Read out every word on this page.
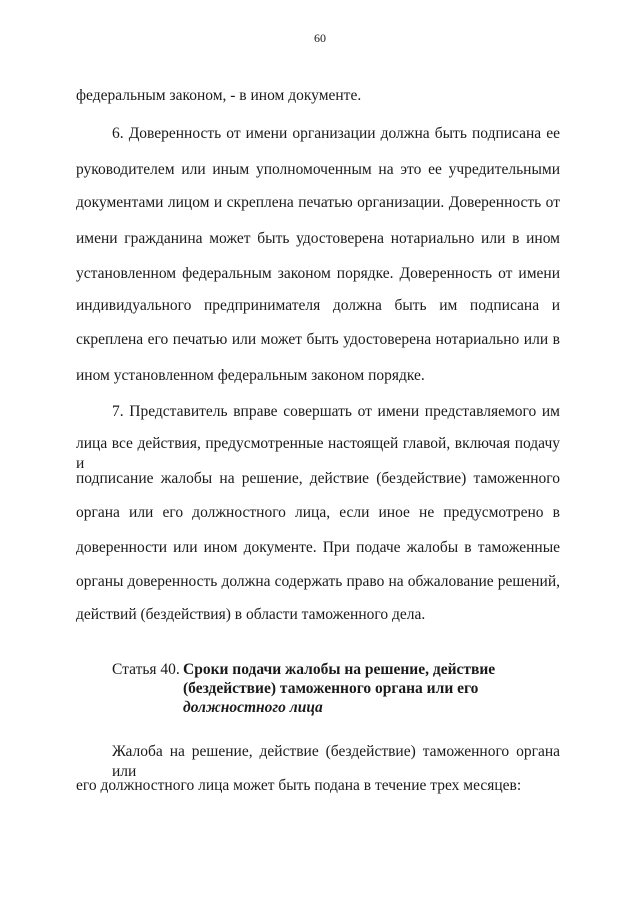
60
федеральным законом, - в ином документе.
6. Доверенность от имени организации должна быть подписана ее
руководителем или иным уполномоченным на это ее учредительными
документами лицом и скреплена печатью организации. Доверенность от
имени гражданина может быть удостоверена нотариально или в ином
установленном федеральным законом порядке. Доверенность от имени
индивидуального предпринимателя должна быть им подписана и
скреплена его печатью или может быть удостоверена нотариально или в
ином установленном федеральным законом порядке.
7. Представитель вправе совершать от имени представляемого им
лица все действия, предусмотренные настоящей главой, включая подачу и
подписание жалобы на решение, действие (бездействие) таможенного
органа или его должностного лица, если иное не предусмотрено в
доверенности или ином документе. При подаче жалобы в таможенные
органы доверенность должна содержать право на обжалование решений,
действий (бездействия) в области таможенного дела.
Статья 40. Сроки подачи жалобы на решение, действие
(бездействие) таможенного органа или его
должностного лица
Жалоба на решение, действие (бездействие) таможенного органа или
его должностного лица может быть подана в течение трех месяцев:
